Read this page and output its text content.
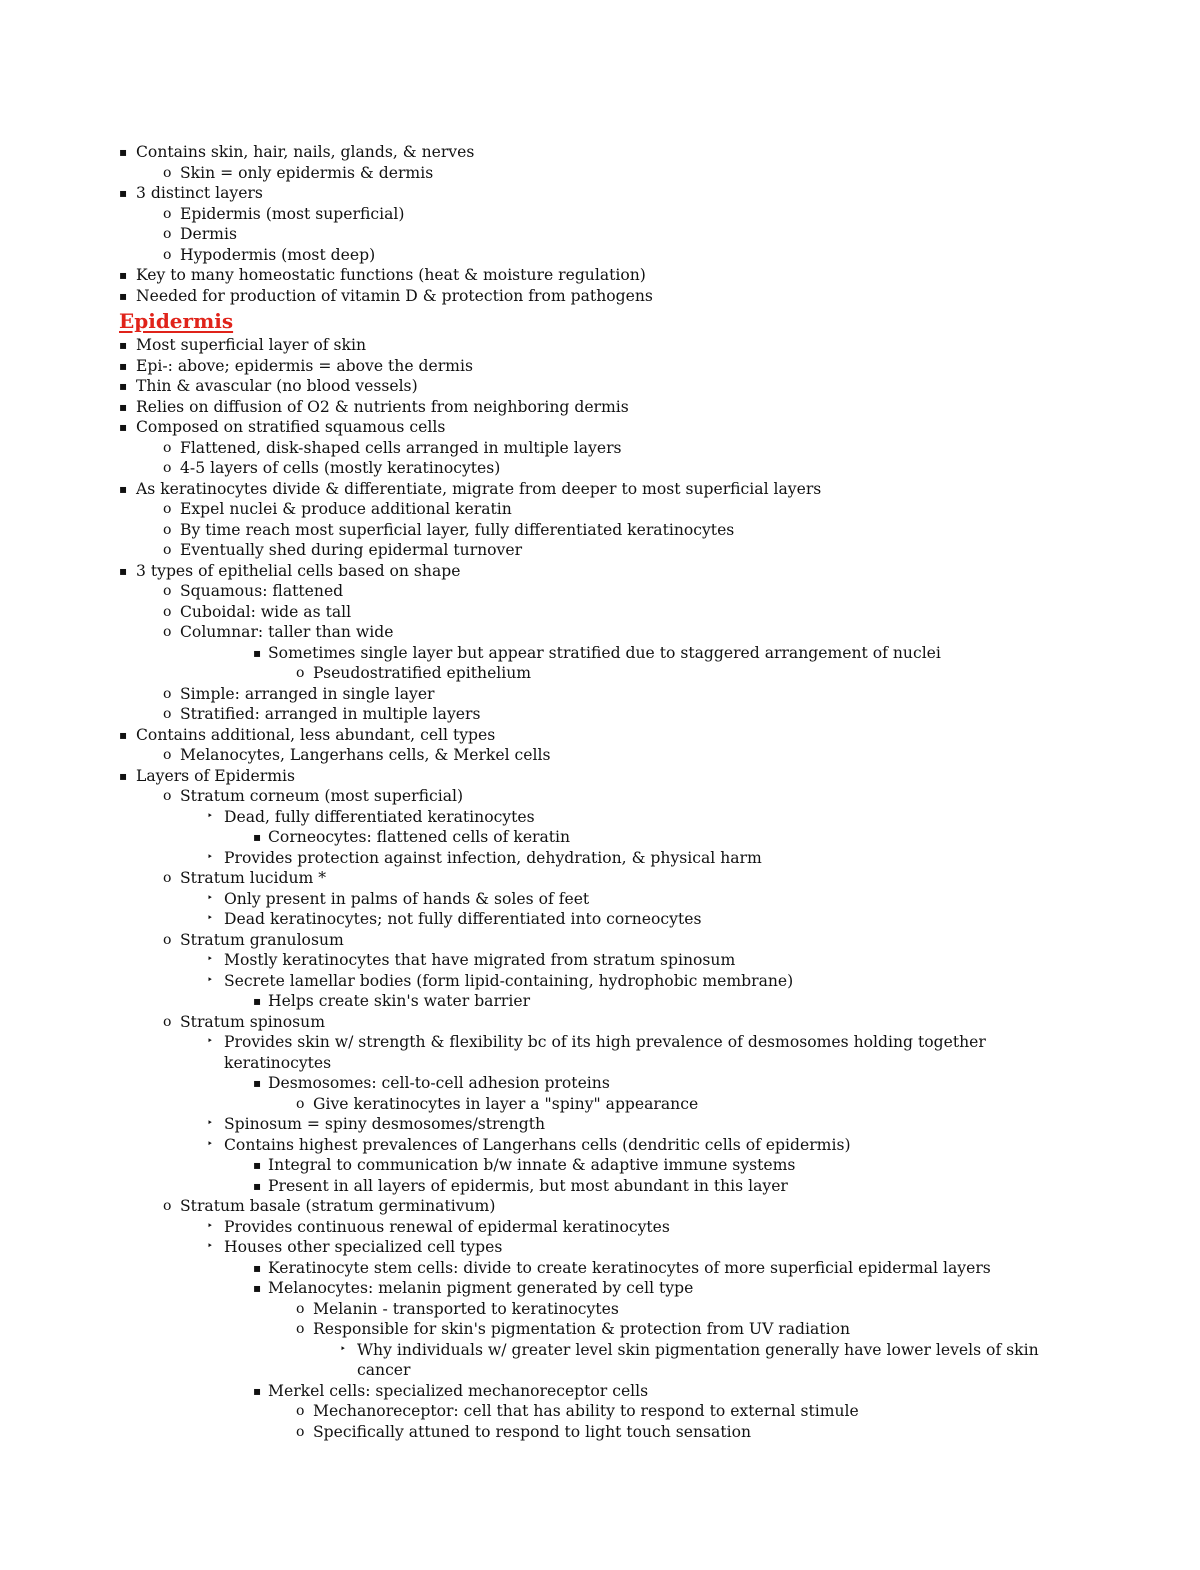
▪ Contains skin, hair, nails, glands, & nerves
o Skin = only epidermis & dermis
▪ 3 distinct layers
o Epidermis (most superficial)
o Dermis
o Hypodermis (most deep)
▪ Key to many homeostatic functions (heat & moisture regulation)
▪ Needed for production of vitamin D & protection from pathogens
Epidermis
▪ Most superficial layer of skin
▪ Epi-: above; epidermis = above the dermis
▪ Thin & avascular (no blood vessels)
▪ Relies on diffusion of O2 & nutrients from neighboring dermis
▪ Composed on stratified squamous cells
o Flattened, disk-shaped cells arranged in multiple layers
o 4-5 layers of cells (mostly keratinocytes)
▪ As keratinocytes divide & differentiate, migrate from deeper to most superficial layers
o Expel nuclei & produce additional keratin
o By time reach most superficial layer, fully differentiated keratinocytes
o Eventually shed during epidermal turnover
▪ 3 types of epithelial cells based on shape
o Squamous: flattened
o Cuboidal: wide as tall
o Columnar: taller than wide
▪ Sometimes single layer but appear stratified due to staggered arrangement of nuclei
o Pseudostratified epithelium
o Simple: arranged in single layer
o Stratified: arranged in multiple layers
▪ Contains additional, less abundant, cell types
o Melanocytes, Langerhans cells, & Merkel cells
▪ Layers of Epidermis
o Stratum corneum (most superficial)
‣ Dead, fully differentiated keratinocytes
▪ Corneocytes: flattened cells of keratin
‣ Provides protection against infection, dehydration, & physical harm
o Stratum lucidum *
‣ Only present in palms of hands & soles of feet
‣ Dead keratinocytes; not fully differentiated into corneocytes
o Stratum granulosum
‣ Mostly keratinocytes that have migrated from stratum spinosum
‣ Secrete lamellar bodies (form lipid-containing, hydrophobic membrane)
▪ Helps create skin's water barrier
o Stratum spinosum
‣ Provides skin w/ strength & flexibility bc of its high prevalence of desmosomes holding together keratinocytes
▪ Desmosomes: cell-to-cell adhesion proteins
o Give keratinocytes in layer a "spiny" appearance
‣ Spinosum = spiny desmosomes/strength
‣ Contains highest prevalences of Langerhans cells (dendritic cells of epidermis)
▪ Integral to communication b/w innate & adaptive immune systems
▪ Present in all layers of epidermis, but most abundant in this layer
o Stratum basale (stratum germinativum)
‣ Provides continuous renewal of epidermal keratinocytes
‣ Houses other specialized cell types
▪ Keratinocyte stem cells: divide to create keratinocytes of more superficial epidermal layers
▪ Melanocytes: melanin pigment generated by cell type
o Melanin - transported to keratinocytes
o Responsible for skin's pigmentation & protection from UV radiation
‣ Why individuals w/ greater level skin pigmentation generally have lower levels of skin cancer
▪ Merkel cells: specialized mechanoreceptor cells
o Mechanoreceptor: cell that has ability to respond to external stimule
o Specifically attuned to respond to light touch sensation
